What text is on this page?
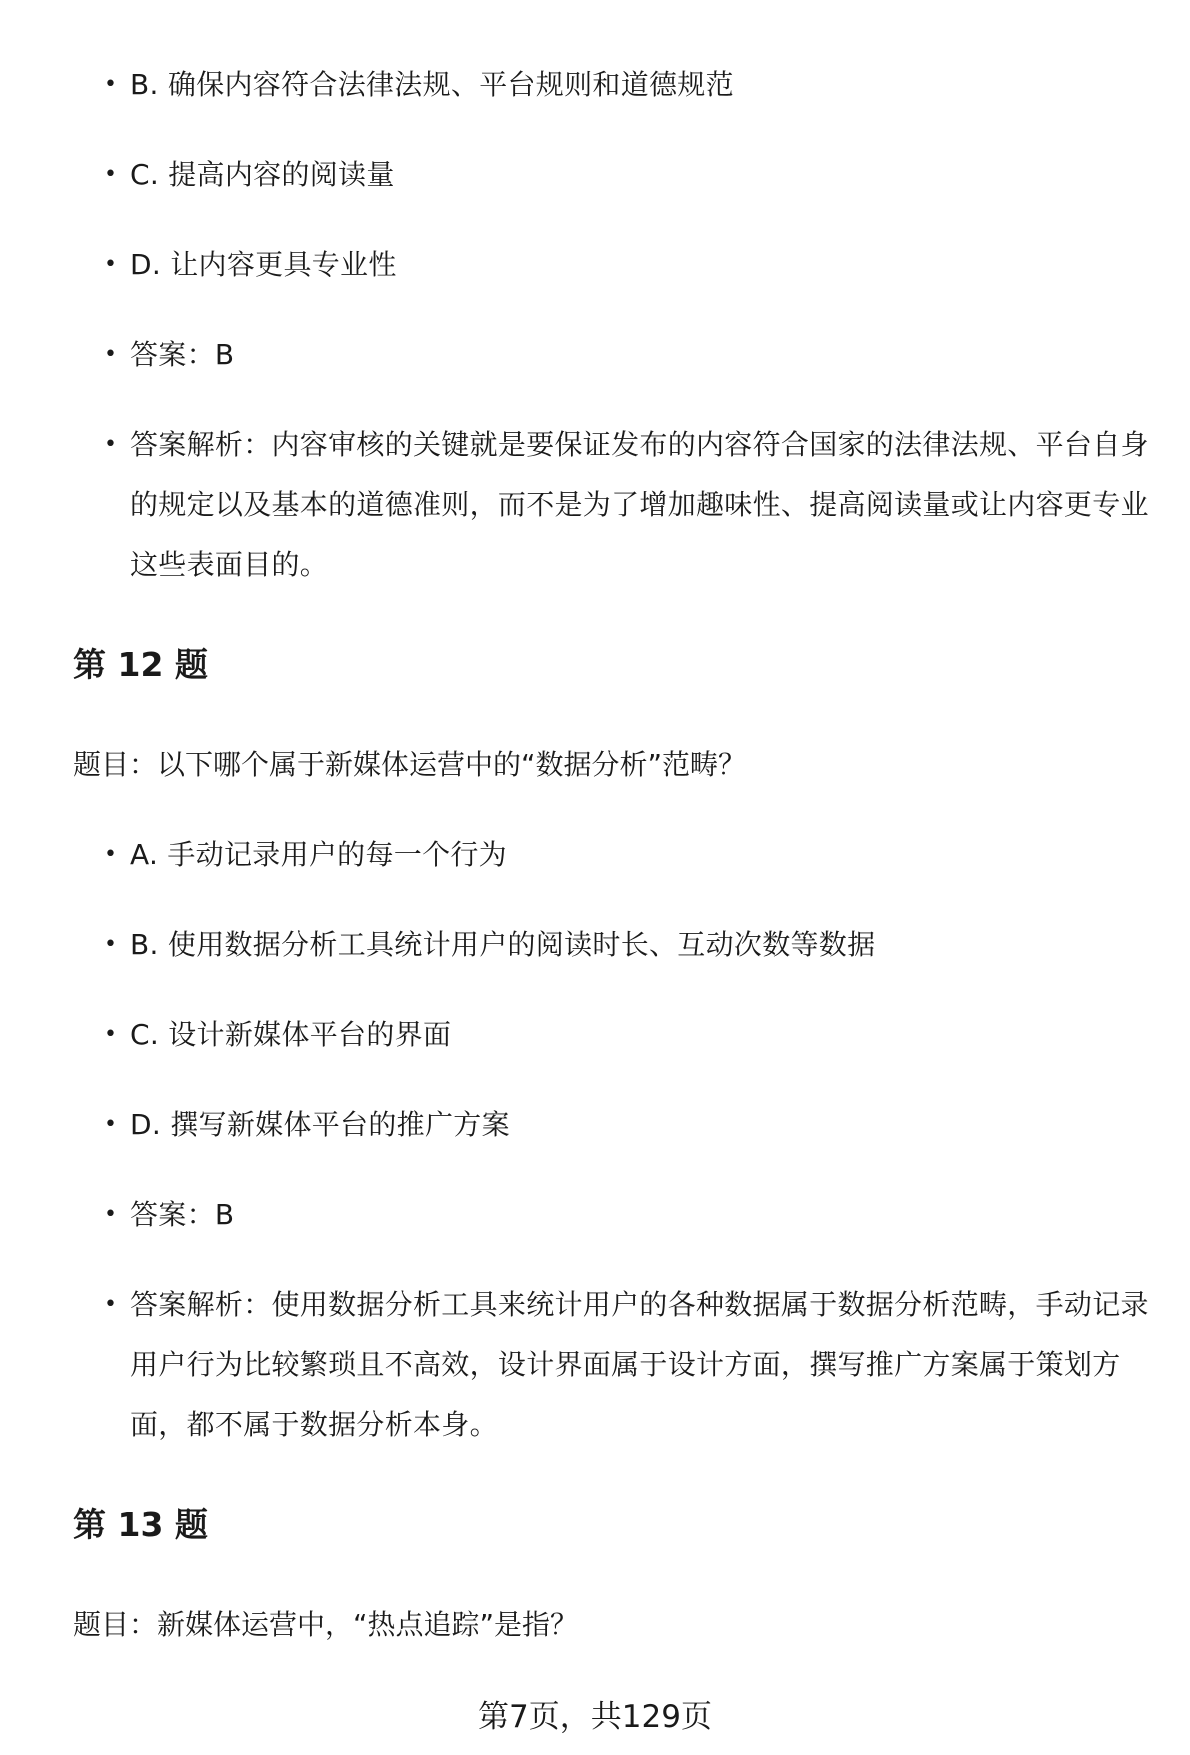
• B. 确保内容符合法律法规、平台规则和道德规范
• C. 提高内容的阅读量
• D. 让内容更具专业性
• 答案：B
• 答案解析：内容审核的关键就是要保证发布的内容符合国家的法律法规、平台自身的规定以及基本的道德准则，而不是为了增加趣味性、提高阅读量或让内容更专业这些表面目的。
第 12 题
题目：以下哪个属于新媒体运营中的“数据分析”范畴？
• A. 手动记录用户的每一个行为
• B. 使用数据分析工具统计用户的阅读时长、互动次数等数据
• C. 设计新媒体平台的界面
• D. 撰写新媒体平台的推广方案
• 答案：B
• 答案解析：使用数据分析工具来统计用户的各种数据属于数据分析范畴，手动记录用户行为比较繁琐且不高效，设计界面属于设计方面，撰写推广方案属于策划方面，都不属于数据分析本身。
第 13 题
题目：新媒体运营中，“热点追踪”是指？
第7页，共129页
